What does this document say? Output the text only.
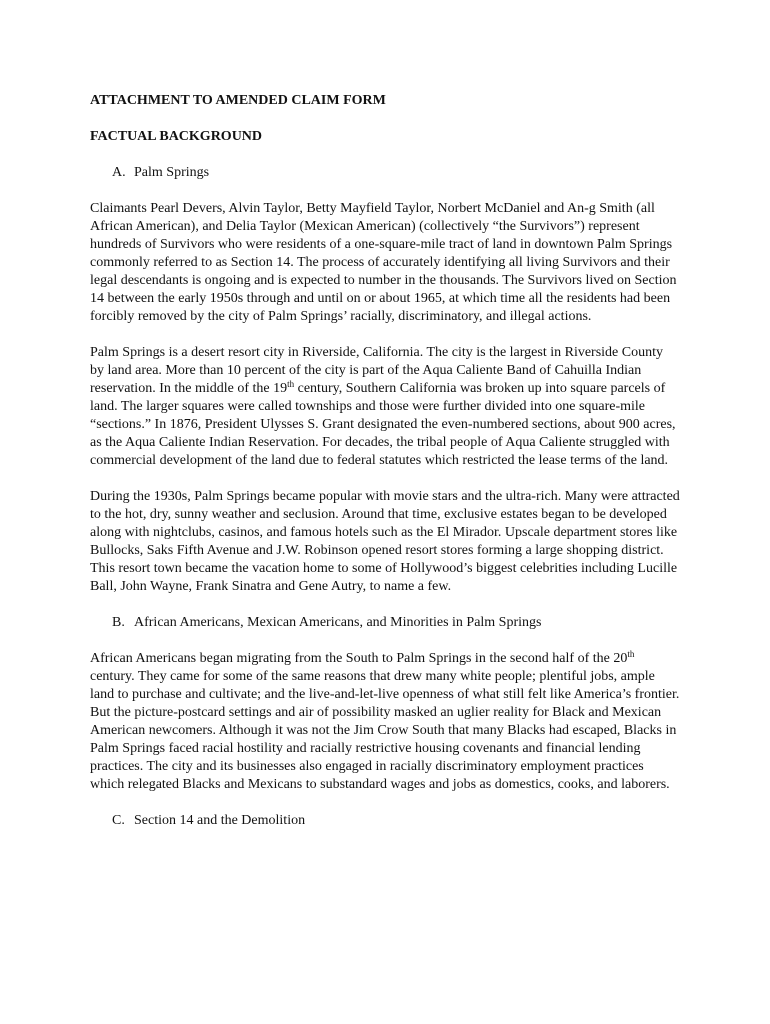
ATTACHMENT TO AMENDED CLAIM FORM

FACTUAL BACKGROUND

A. Palm Springs

Claimants Pearl Devers, Alvin Taylor, Betty Mayfield Taylor, Norbert McDaniel and An-g Smith (all African American), and Delia Taylor (Mexican American) (collectively “the Survivors”) represent hundreds of Survivors who were residents of a one-square-mile tract of land in downtown Palm Springs commonly referred to as Section 14. The process of accurately identifying all living Survivors and their legal descendants is ongoing and is expected to number in the thousands. The Survivors lived on Section 14 between the early 1950s through and until on or about 1965, at which time all the residents had been forcibly removed by the city of Palm Springs’ racially, discriminatory, and illegal actions.

Palm Springs is a desert resort city in Riverside, California. The city is the largest in Riverside County by land area. More than 10 percent of the city is part of the Aqua Caliente Band of Cahuilla Indian reservation. In the middle of the 19th century, Southern California was broken up into square parcels of land. The larger squares were called townships and those were further divided into one square-mile “sections.” In 1876, President Ulysses S. Grant designated the even-numbered sections, about 900 acres, as the Aqua Caliente Indian Reservation. For decades, the tribal people of Aqua Caliente struggled with commercial development of the land due to federal statutes which restricted the lease terms of the land.

During the 1930s, Palm Springs became popular with movie stars and the ultra-rich. Many were attracted to the hot, dry, sunny weather and seclusion. Around that time, exclusive estates began to be developed along with nightclubs, casinos, and famous hotels such as the El Mirador. Upscale department stores like Bullocks, Saks Fifth Avenue and J.W. Robinson opened resort stores forming a large shopping district. This resort town became the vacation home to some of Hollywood’s biggest celebrities including Lucille Ball, John Wayne, Frank Sinatra and Gene Autry, to name a few.

B. African Americans, Mexican Americans, and Minorities in Palm Springs

African Americans began migrating from the South to Palm Springs in the second half of the 20th century. They came for some of the same reasons that drew many white people; plentiful jobs, ample land to purchase and cultivate; and the live-and-let-live openness of what still felt like America’s frontier. But the picture-postcard settings and air of possibility masked an uglier reality for Black and Mexican American newcomers. Although it was not the Jim Crow South that many Blacks had escaped, Blacks in Palm Springs faced racial hostility and racially restrictive housing covenants and financial lending practices. The city and its businesses also engaged in racially discriminatory employment practices which relegated Blacks and Mexicans to substandard wages and jobs as domestics, cooks, and laborers.

C. Section 14 and the Demolition
